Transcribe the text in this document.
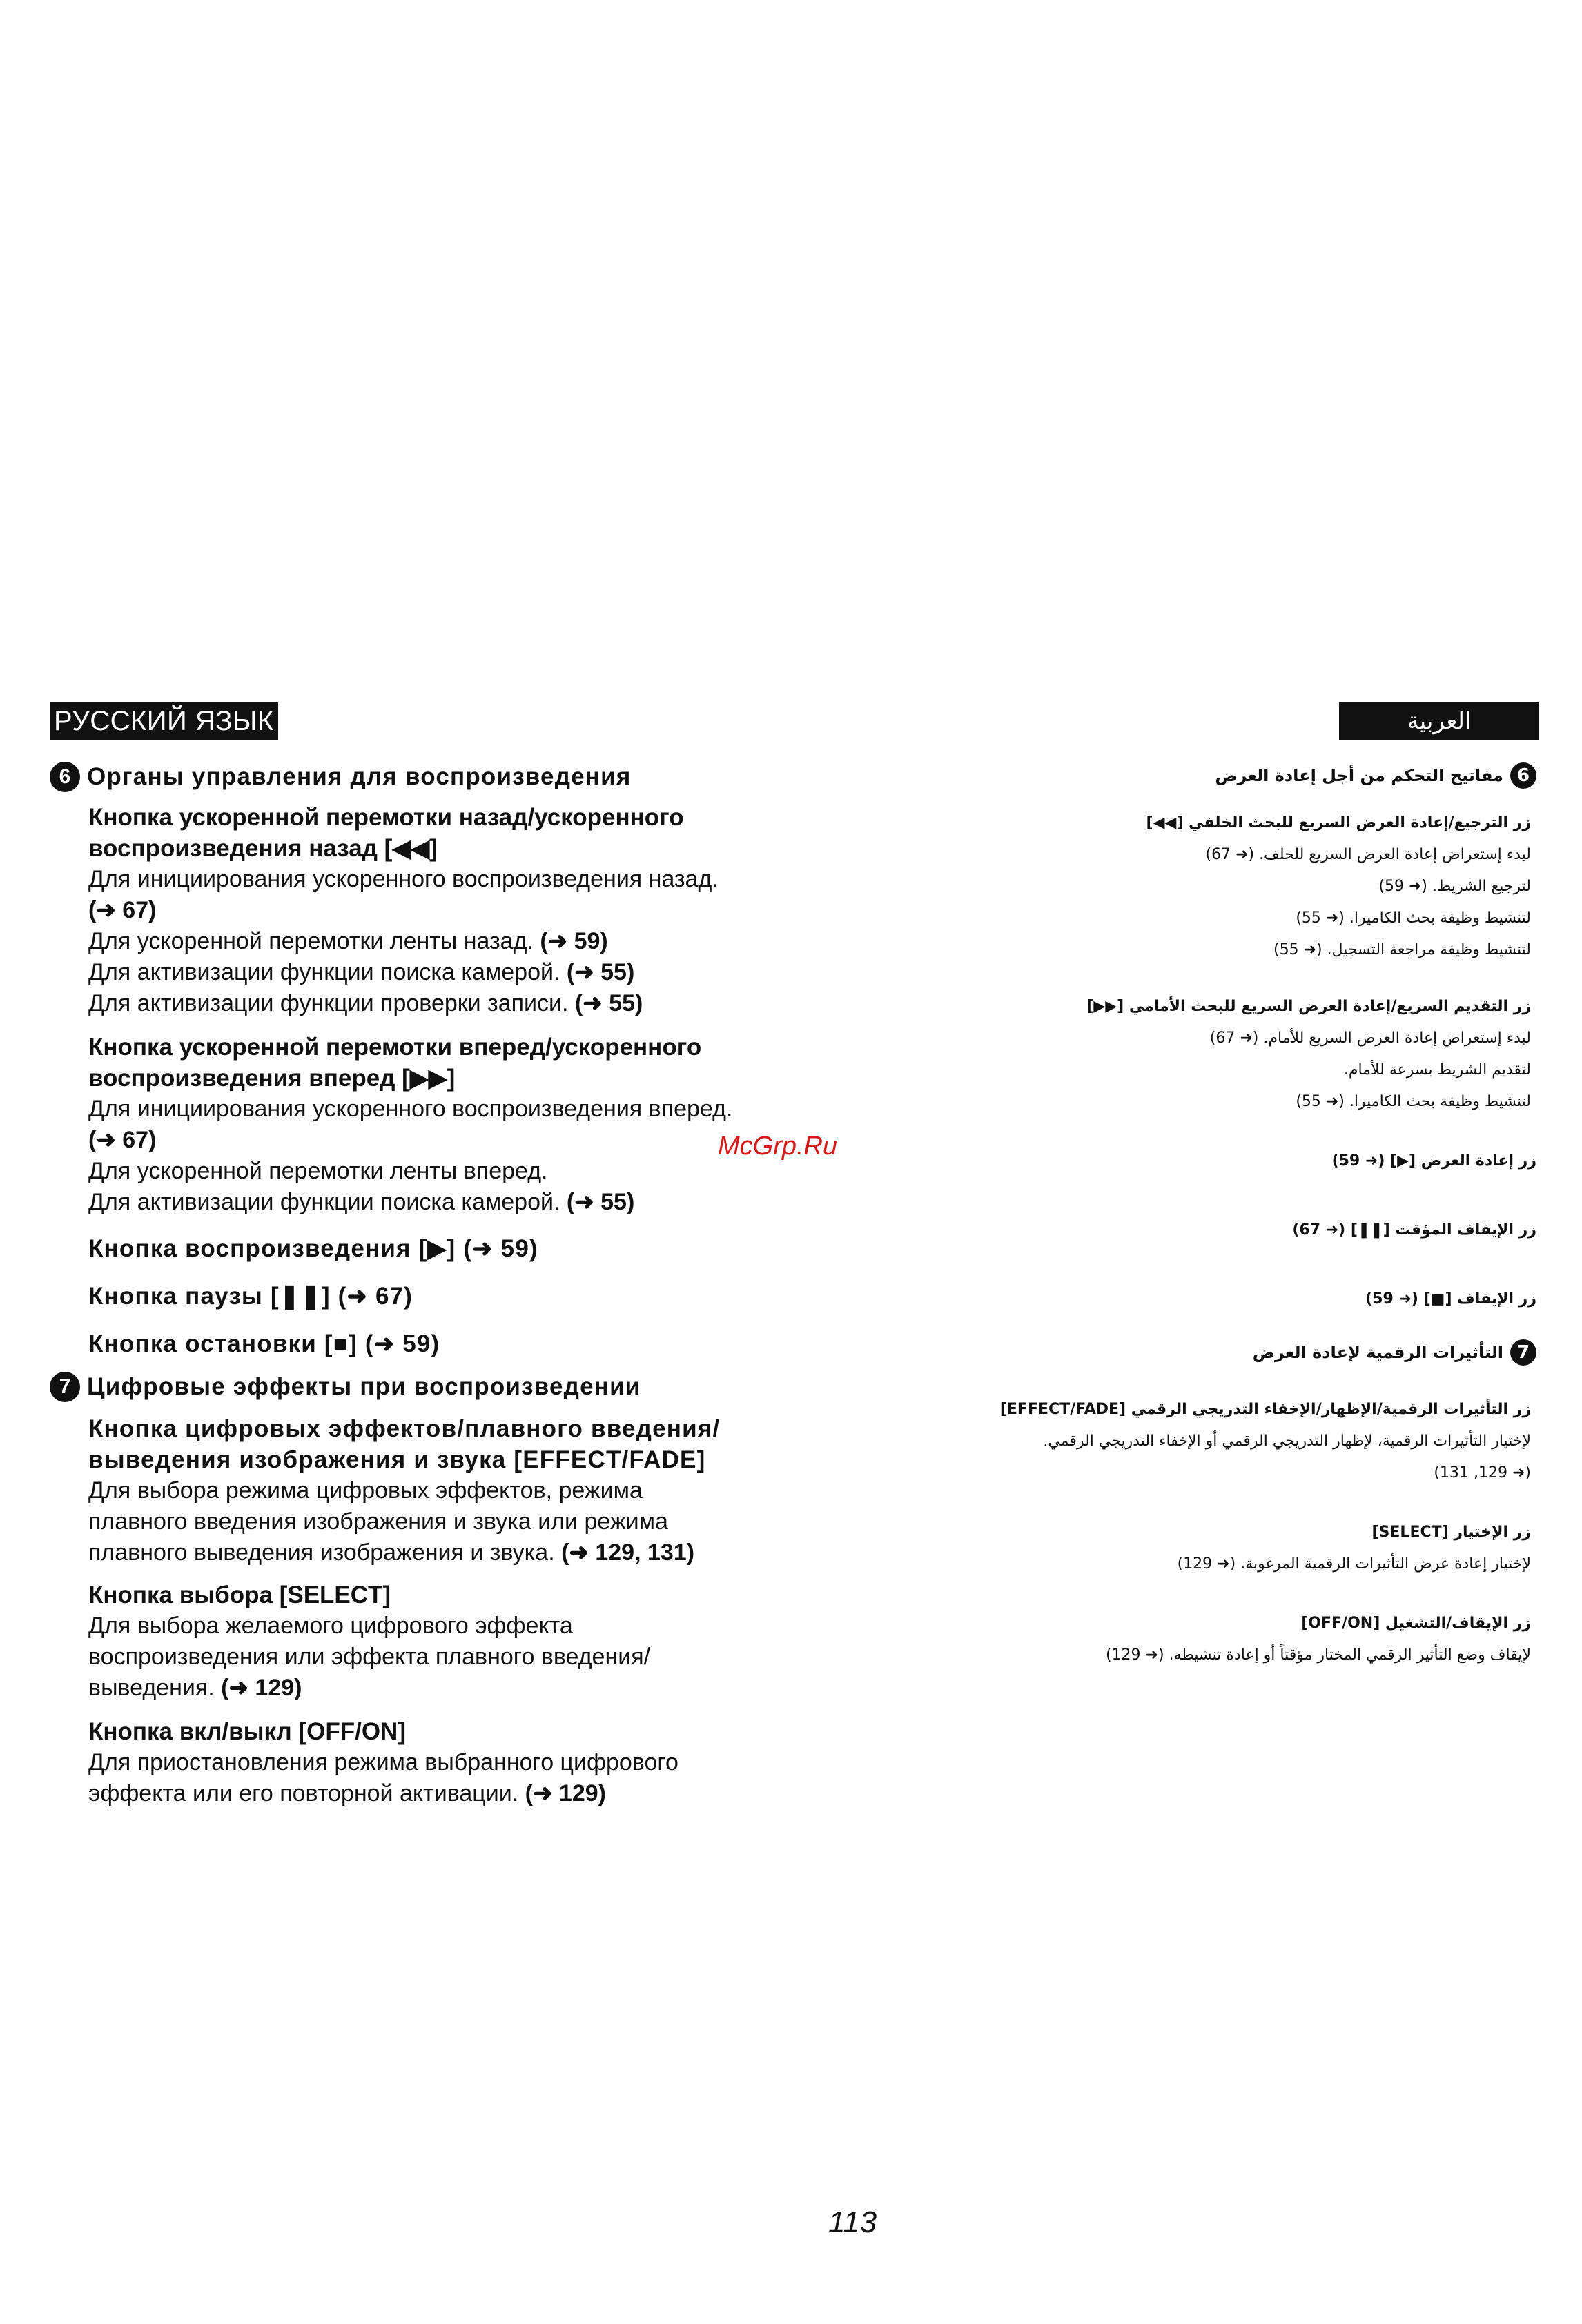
РУССКИЙ ЯЗЫК	العربية
6 Органы управления для воспроизведения

Кнопка ускоренной перемотки назад/ускоренного

воспроизведения назад [◀◀]

Для инициирования ускоренного воспроизведения назад.

(➜ 67)

Для ускоренной перемотки ленты назад. (➜ 59)

Для активизации функции поиска камерой. (➜ 55)

Для активизации функции проверки записи. (➜ 55)

Кнопка ускоренной перемотки вперед/ускоренного

воспроизведения вперед [▶▶]

Для инициирования ускоренного воспроизведения вперед.

(➜ 67)

Для ускоренной перемотки ленты вперед.

Для активизации функции поиска камерой. (➜ 55)

Кнопка воспроизведения [▶] (➜ 59)

Кнопка паузы [❚❚] (➜ 67)

Кнопка остановки [■] (➜ 59)

7 Цифровые эффекты при воспроизведении

Кнопка цифровых эффектов/плавного введения/

выведения изображения и звука [EFFECT/FADE]

Для выбора режима цифровых эффектов, режима

плавного введения изображения и звука или режима

плавного выведения изображения и звука. (➜ 129, 131)

Кнопка выбора [SELECT]

Для выбора желаемого цифрового эффекта

воспроизведения или эффекта плавного введения/

выведения. (➜ 129)

Кнопка вкл/выкл [OFF/ON]

Для приостановления режима выбранного цифрового

эффекта или его повторной активации. (➜ 129)

McGrp.Ru
6
مفاتيح التحكم من أجل إعادة العرض

زر الترجيع/إعادة العرض السريع للبحث الخلفي [◀◀]

لبدء إستعراض إعادة العرض السريع للخلف. (➜ 67)

لترجيع الشريط. (➜ 59)

لتنشيط وظيفة بحث الكاميرا. (➜ 55)

لتنشيط وظيفة مراجعة التسجيل. (➜ 55)

زر التقديم السريع/إعادة العرض السريع للبحث الأمامي [▶▶]

لبدء إستعراض إعادة العرض السريع للأمام. (➜ 67)

لتقديم الشريط بسرعة للأمام.

لتنشيط وظيفة بحث الكاميرا. (➜ 55)

زر إعادة العرض [▶] (➜ 59)

زر الإيقاف المؤقت [❚❚] (➜ 67)

زر الإيقاف [■] (➜ 59)

7
التأثيرات الرقمية لإعادة العرض

زر التأثيرات الرقمية/الإظهار/الإخفاء التدريجي الرقمي [EFFECT/FADE]

لإختيار التأثيرات الرقمية، لإظهار التدريجي الرقمي أو الإخفاء التدريجي الرقمي.

(➜ 129, 131)

زر الإختيار [SELECT]

لإختيار إعادة عرض التأثيرات الرقمية المرغوبة. (➜ 129)

زر الإيقاف/التشغيل [OFF/ON]

لإيقاف وضع التأثير الرقمي المختار مؤقتاً أو إعادة تنشيطه. (➜ 129)

113
